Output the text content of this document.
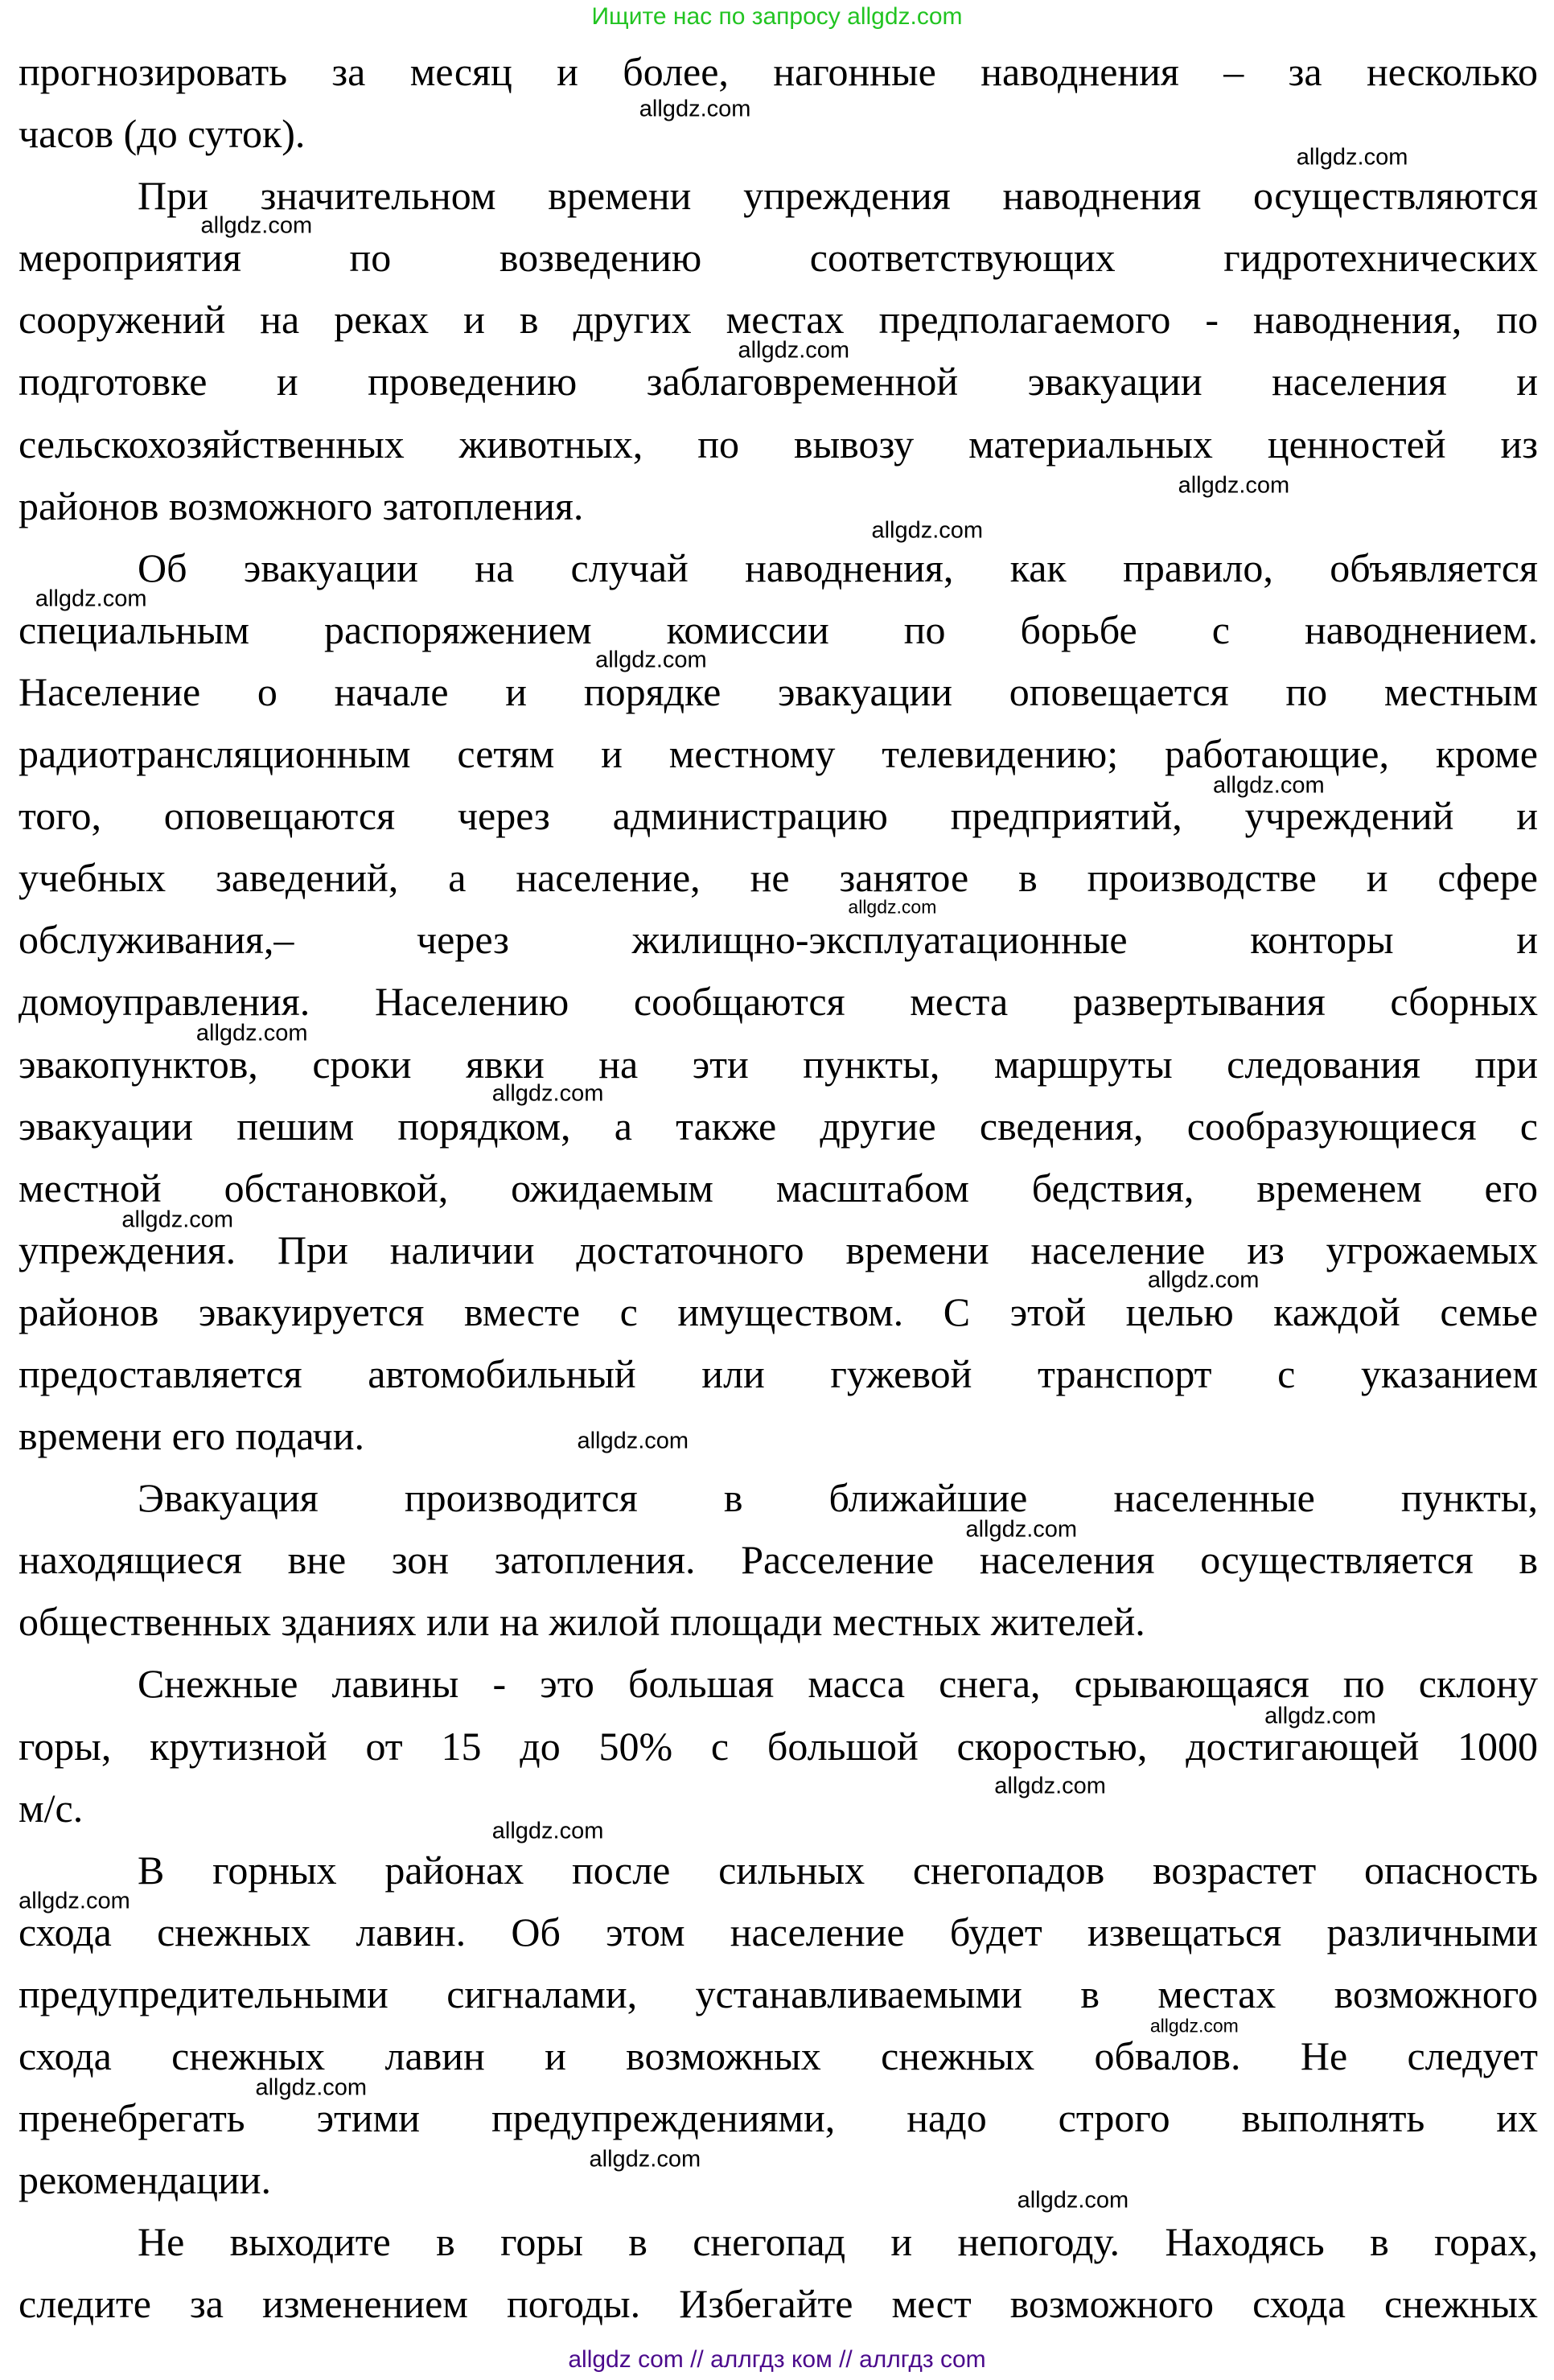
Ищите нас по запросу allgdz.com
прогнозировать за месяц и более, нагонные наводнения – за несколько
часов (до суток).
При значительном времени упреждения наводнения осуществляются
мероприятия по возведению соответствующих гидротехнических
сооружений на реках и в других местах предполагаемого - наводнения, по
подготовке и проведению заблаговременной эвакуации населения и
сельскохозяйственных животных, по вывозу материальных ценностей из
районов возможного затопления.
Об эвакуации на случай наводнения, как правило, объявляется
специальным распоряжением комиссии по борьбе с наводнением.
Население о начале и порядке эвакуации оповещается по местным
радиотрансляционным сетям и местному телевидению; работающие, кроме
того, оповещаются через администрацию предприятий, учреждений и
учебных заведений, а население, не занятое в производстве и сфере
обслуживания,– через жилищно-эксплуатационные конторы и
домоуправления. Населению сообщаются места развертывания сборных
эвакопунктов, сроки явки на эти пункты, маршруты следования при
эвакуации пешим порядком, а также другие сведения, сообразующиеся с
местной обстановкой, ожидаемым масштабом бедствия, временем его
упреждения. При наличии достаточного времени население из угрожаемых
районов эвакуируется вместе с имуществом. С этой целью каждой семье
предоставляется автомобильный или гужевой транспорт с указанием
времени его подачи.
Эвакуация производится в ближайшие населенные пункты,
находящиеся вне зон затопления. Расселение населения осуществляется в
общественных зданиях или на жилой площади местных жителей.
Снежные лавины - это большая масса снега, срывающаяся по склону
горы, крутизной от 15 до 50% с большой скоростью, достигающей 1000
м/с.
В горных районах после сильных снегопадов возрастет опасность
схода снежных лавин. Об этом население будет извещаться различными
предупредительными сигналами, устанавливаемыми в местах возможного
схода снежных лавин и возможных снежных обвалов. Не следует
пренебрегать этими предупреждениями, надо строго выполнять их
рекомендации.
Не выходите в горы в снегопад и непогоду. Находясь в горах,
следите за изменением погоды. Избегайте мест возможного схода снежных
allgdz.com
allgdz.com
allgdz.com
allgdz.com
allgdz.com
allgdz.com
allgdz.com
allgdz.com
allgdz.com
allgdz.com
allgdz.com
allgdz.com
allgdz.com
allgdz.com
allgdz.com
allgdz.com
allgdz.com
allgdz.com
allgdz.com
allgdz.com
allgdz.com
allgdz.com
allgdz.com
allgdz.com
allgdz com // аллгдз ком // аллгдз com
